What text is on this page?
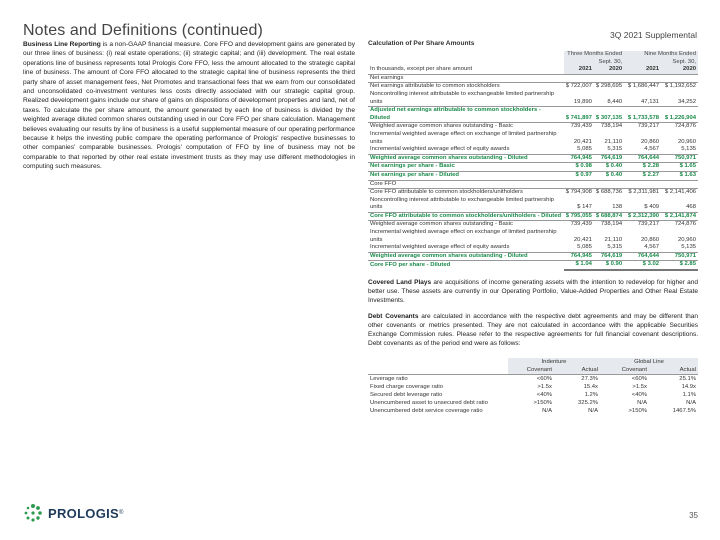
Notes and Definitions (continued)	3Q 2021 Supplemental
Business Line Reporting is a non-GAAP financial measure. Core FFO and development gains are generated by our three lines of business: (i) real estate operations; (ii) strategic capital; and (iii) development. The real estate operations line of business represents total Prologis Core FFO, less the amount allocated to the strategic capital line of business. The amount of Core FFO allocated to the strategic capital line of business represents the third party share of asset management fees, Net Promotes and transactional fees that we earn from our consolidated and unconsolidated co-investment ventures less costs directly associated with our strategic capital group. Realized development gains include our share of gains on dispositions of development properties and land, net of taxes. To calculate the per share amount, the amount generated by each line of business is divided by the weighted average diluted common shares outstanding used in our Core FFO per share calculation. Management believes evaluating our results by line of business is a useful supplemental measure of our operating performance because it helps the investing public compare the operating performance of Prologis' respective businesses to other companies' comparable businesses. Prologis' computation of FFO by line of business may not be comparable to that reported by other real estate investment trusts as they may use different methodologies in computing such measures.
Calculation of Per Share Amounts
	Three Months Ended		Nine Months Ended	
	Sept. 30,		Sept. 30,	
In thousands, except per share amount	2021	2020	2021	2020
Net earnings				
Net earnings attributable to common stockholders	$ 722,007	$ 298,695	$ 1,686,447	$ 1,192,652
Noncontrolling interest attributable to exchangeable limited partnership units	19,890	8,440	47,131	34,252
Adjusted net earnings attributable to common stockholders - Diluted	$ 741,897	$ 307,135	$ 1,733,578	$ 1,226,904
Weighted average common shares outstanding - Basic	739,439	738,194	739,217	724,876
Incremental weighted average effect on exchange of limited partnership units	20,421	21,110	20,860	20,960
Incremental weighted average effect of equity awards	5,085	5,315	4,567	5,135
Weighted average common shares outstanding - Diluted	764,945	764,619	764,644	750,971
Net earnings per share - Basic	$ 0.98	$ 0.40	$ 2.28	$ 1.65
Net earnings per share - Diluted	$ 0.97	$ 0.40	$ 2.27	$ 1.63
Core FFO				
Core FFO attributable to common stockholders/unitholders	$ 794,908	$ 688,736	$ 2,311,981	$ 2,141,406
Noncontrolling interest attributable to exchangeable limited partnership units	$ 147	138	$ 409	468
Core FFO attributable to common stockholders/unitholders - Diluted	$ 795,055	$ 688,874	$ 2,312,390	$ 2,141,874
Weighted average common shares outstanding - Basic	739,439	738,194	739,217	724,876
Incremental weighted average effect on exchange of limited partnership units	20,421	21,110	20,860	20,960
Incremental weighted average effect of equity awards	5,085	5,315	4,567	5,135
Weighted average common shares outstanding - Diluted	764,945	764,619	764,644	750,971
Core FFO per share - Diluted	$ 1.04	$ 0.90	$ 3.02	$ 2.85
Covered Land Plays are acquisitions of income generating assets with the intention to redevelop for higher and better use. These assets are currently in our Operating Portfolio, Value-Added Properties and Other Real Estate Investments.
Debt Covenants are calculated in accordance with the respective debt agreements and may be different than other covenants or metrics presented. They are not calculated in accordance with the applicable Securities Exchange Commission rules. Please refer to the respective agreements for full financial covenant descriptions. Debt covenants as of the period end were as follows:
	Indenture		Global Line	
	Covenant	Actual	Covenant	Actual
Leverage ratio	<60%	27.3%	<60%	25.1%
Fixed charge coverage ratio	>1.5x	15.4x	>1.5x	14.9x
Secured debt leverage ratio	<40%	1.2%	<40%	1.1%
Unencumbered asset to unsecured debt ratio	>150%	325.2%	N/A	N/A
Unencumbered debt service coverage ratio	N/A	N/A	>150%	1467.5%
PROLOGIS ®	35
